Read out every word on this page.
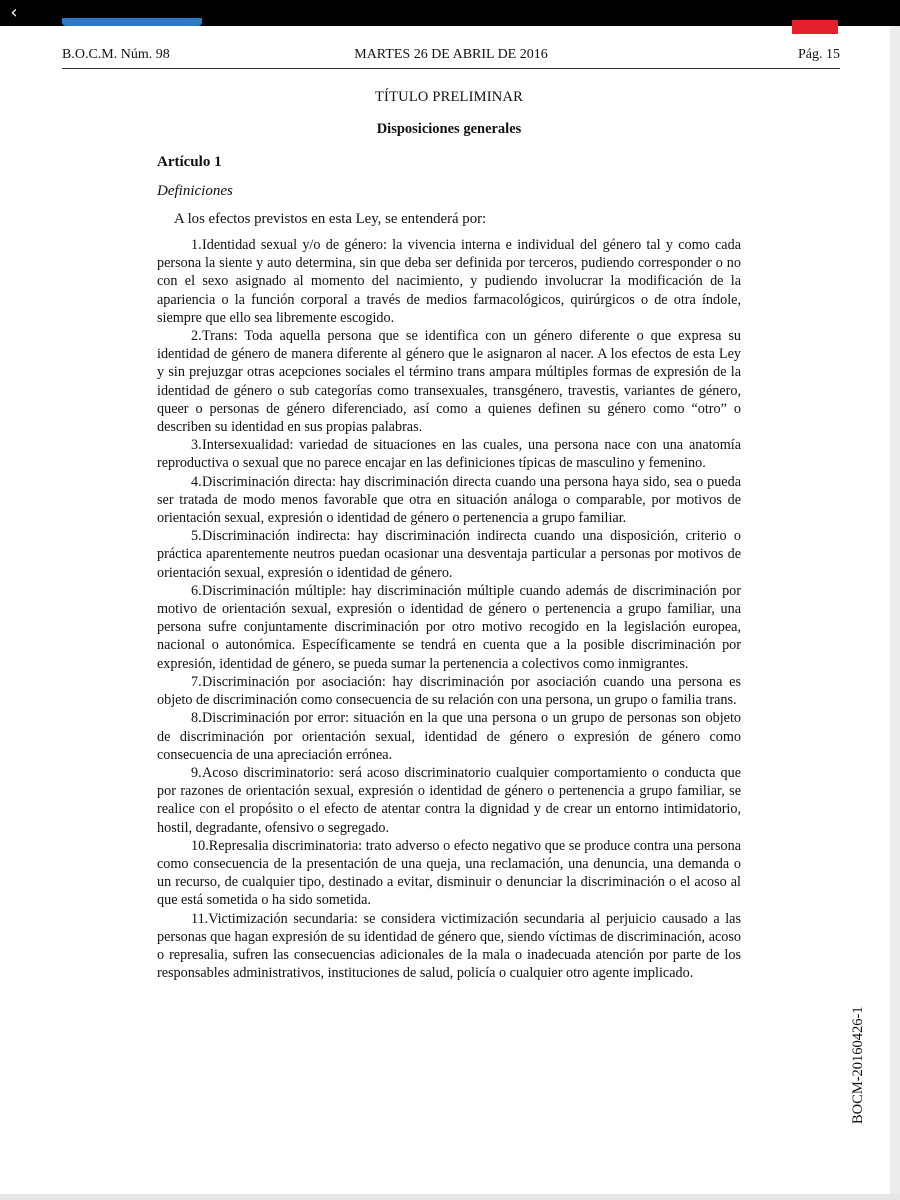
‹
B.O.C.M. Núm. 98	MARTES 26 DE ABRIL DE 2016	Pág. 15
TÍTULO PRELIMINAR
Disposiciones generales
Artículo 1
Definiciones

A los efectos previstos en esta Ley, se entenderá por:

1.Identidad sexual y/o de género: la vivencia interna e individual del género tal y como cada persona la siente y auto determina, sin que deba ser definida por terceros, pudiendo corresponder o no con el sexo asignado al momento del nacimiento, y pudiendo involucrar la modificación de la apariencia o la función corporal a través de medios farmacológicos, quirúrgicos o de otra índole, siempre que ello sea libremente escogido.

2.Trans: Toda aquella persona que se identifica con un género diferente o que expresa su identidad de género de manera diferente al género que le asignaron al nacer. A los efectos de esta Ley y sin prejuzgar otras acepciones sociales el término trans ampara múltiples formas de expresión de la identidad de género o sub categorías como transexuales, transgénero, travestis, variantes de género, queer o personas de género diferenciado, así como a quienes definen su género como “otro” o describen su identidad en sus propias palabras.

3.Intersexualidad: variedad de situaciones en las cuales, una persona nace con una anatomía reproductiva o sexual que no parece encajar en las definiciones típicas de masculino y femenino.

4.Discriminación directa: hay discriminación directa cuando una persona haya sido, sea o pueda ser tratada de modo menos favorable que otra en situación análoga o comparable, por motivos de orientación sexual, expresión o identidad de género o pertenencia a grupo familiar.

5.Discriminación indirecta: hay discriminación indirecta cuando una disposición, criterio o práctica aparentemente neutros puedan ocasionar una desventaja particular a personas por motivos de orientación sexual, expresión o identidad de género.

6.Discriminación múltiple: hay discriminación múltiple cuando además de discriminación por motivo de orientación sexual, expresión o identidad de género o pertenencia a grupo familiar, una persona sufre conjuntamente discriminación por otro motivo recogido en la legislación europea, nacional o autonómica. Específicamente se tendrá en cuenta que a la posible discriminación por expresión, identidad de género, se pueda sumar la pertenencia a colectivos como inmigrantes.

7.Discriminación por asociación: hay discriminación por asociación cuando una persona es objeto de discriminación como consecuencia de su relación con una persona, un grupo o familia trans.

8.Discriminación por error: situación en la que una persona o un grupo de personas son objeto de discriminación por orientación sexual, identidad de género o expresión de género como consecuencia de una apreciación errónea.

9.Acoso discriminatorio: será acoso discriminatorio cualquier comportamiento o conducta que por razones de orientación sexual, expresión o identidad de género o pertenencia a grupo familiar, se realice con el propósito o el efecto de atentar contra la dignidad y de crear un entorno intimidatorio, hostil, degradante, ofensivo o segregado.

10.Represalia discriminatoria: trato adverso o efecto negativo que se produce contra una persona como consecuencia de la presentación de una queja, una reclamación, una denuncia, una demanda o un recurso, de cualquier tipo, destinado a evitar, disminuir o denunciar la discriminación o el acoso al que está sometida o ha sido sometida.

11.Victimización secundaria: se considera victimización secundaria al perjuicio causado a las personas que hagan expresión de su identidad de género que, siendo víctimas de discriminación, acoso o represalia, sufren las consecuencias adicionales de la mala o inadecuada atención por parte de los responsables administrativos, instituciones de salud, policía o cualquier otro agente implicado.
